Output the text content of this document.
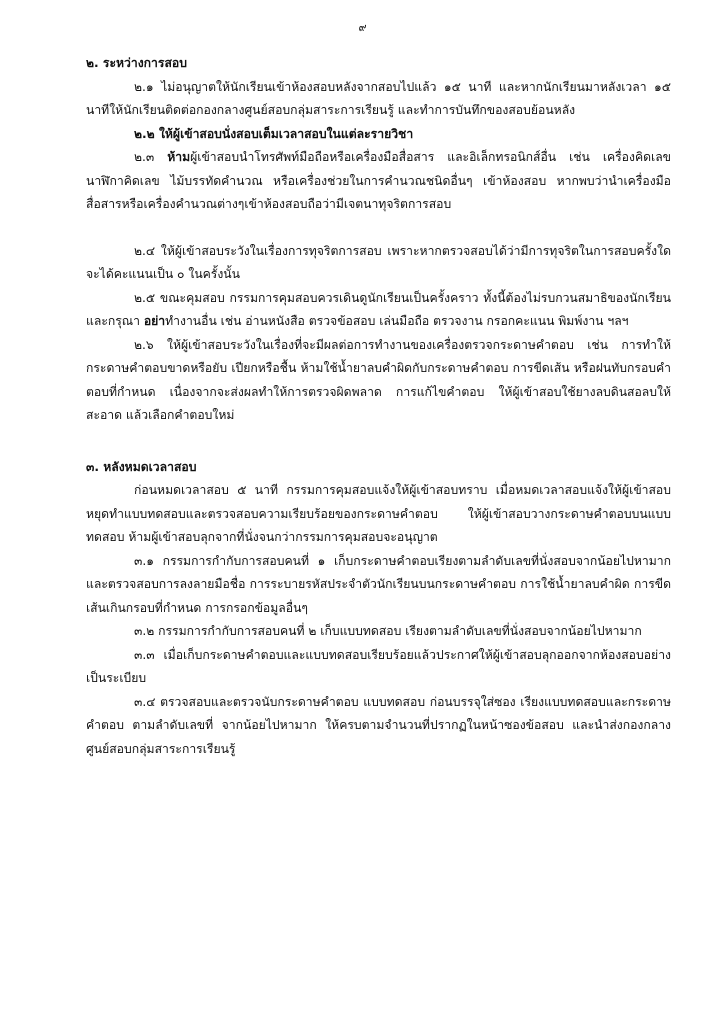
๙

๒. ระหว่างการสอบ

๒.๑ ไม่อนุญาตให้นักเรียนเข้าห้องสอบหลังจากสอบไปแล้ว ๑๕ นาที และหากนักเรียนมาหลังเวลา ๑๕ นาทีให้นักเรียนติดต่อกองกลางศูนย์สอบกลุ่มสาระการเรียนรู้ และทำการบันทึกของสอบย้อนหลัง

๒.๒ ให้ผู้เข้าสอบนั่งสอบเต็มเวลาสอบในแต่ละรายวิชา

๒.๓ ห้ามผู้เข้าสอบนำโทรศัพท์มือถือหรือเครื่องมือสื่อสาร และอิเล็กทรอนิกส์อื่น เช่น เครื่องคิดเลข นาฬิกาคิดเลข ไม้บรรทัดคำนวณ หรือเครื่องช่วยในการคำนวณชนิดอื่นๆ เข้าห้องสอบ หากพบว่านำเครื่องมือสื่อสารหรือเครื่องคำนวณต่างๆเข้าห้องสอบถือว่ามีเจตนาทุจริตการสอบ

๒.๔ ให้ผู้เข้าสอบระวังในเรื่องการทุจริตการสอบ เพราะหากตรวจสอบได้ว่ามีการทุจริตในการสอบครั้งใด จะได้คะแนนเป็น ๐ ในครั้งนั้น

๒.๕ ขณะคุมสอบ กรรมการคุมสอบควรเดินดูนักเรียนเป็นครั้งคราว ทั้งนี้ต้องไม่รบกวนสมาธิของนักเรียน และกรุณา อย่าทำงานอื่น เช่น อ่านหนังสือ ตรวจข้อสอบ เล่นมือถือ ตรวจงาน กรอกคะแนน พิมพ์งาน ฯลฯ

๒.๖ ให้ผู้เข้าสอบระวังในเรื่องที่จะมีผลต่อการทำงานของเครื่องตรวจกระดาษคำตอบ เช่น การทำให้กระดาษคำตอบขาดหรือยับ เปียกหรือชื้น ห้ามใช้น้ำยาลบคำผิดกับกระดาษคำตอบ การขีดเส้น หรือฝนทับกรอบคำตอบที่กำหนด เนื่องจากจะส่งผลทำให้การตรวจผิดพลาด การแก้ไขคำตอบ ให้ผู้เข้าสอบใช้ยางลบดินสอลบให้สะอาด แล้วเลือกคำตอบใหม่

๓. หลังหมดเวลาสอบ

ก่อนหมดเวลาสอบ ๕ นาที กรรมการคุมสอบแจ้งให้ผู้เข้าสอบทราบ เมื่อหมดเวลาสอบแจ้งให้ผู้เข้าสอบหยุดทำแบบทดสอบและตรวจสอบความเรียบร้อยของกระดาษคำตอบ ให้ผู้เข้าสอบวางกระดาษคำตอบบนแบบทดสอบ ห้ามผู้เข้าสอบลุกจากที่นั่งจนกว่ากรรมการคุมสอบจะอนุญาต

๓.๑ กรรมการกำกับการสอบคนที่ ๑ เก็บกระดาษคำตอบเรียงตามลำดับเลขที่นั่งสอบจากน้อยไปหามาก และตรวจสอบการลงลายมือชื่อ การระบายรหัสประจำตัวนักเรียนบนกระดาษคำตอบ การใช้น้ำยาลบคำผิด การขีดเส้นเกินกรอบที่กำหนด การกรอกข้อมูลอื่นๆ

๓.๒ กรรมการกำกับการสอบคนที่ ๒ เก็บแบบทดสอบ เรียงตามลำดับเลขที่นั่งสอบจากน้อยไปหามาก

๓.๓ เมื่อเก็บกระดาษคำตอบและแบบทดสอบเรียบร้อยแล้วประกาศให้ผู้เข้าสอบลุกออกจากห้องสอบอย่างเป็นระเบียบ

๓.๔ ตรวจสอบและตรวจนับกระดาษคำตอบ แบบทดสอบ ก่อนบรรจุใส่ซอง เรียงแบบทดสอบและกระดาษคำตอบ ตามลำดับเลขที่ จากน้อยไปหามาก ให้ครบตามจำนวนที่ปรากฏในหน้าซองข้อสอบ และนำส่งกองกลางศูนย์สอบกลุ่มสาระการเรียนรู้
